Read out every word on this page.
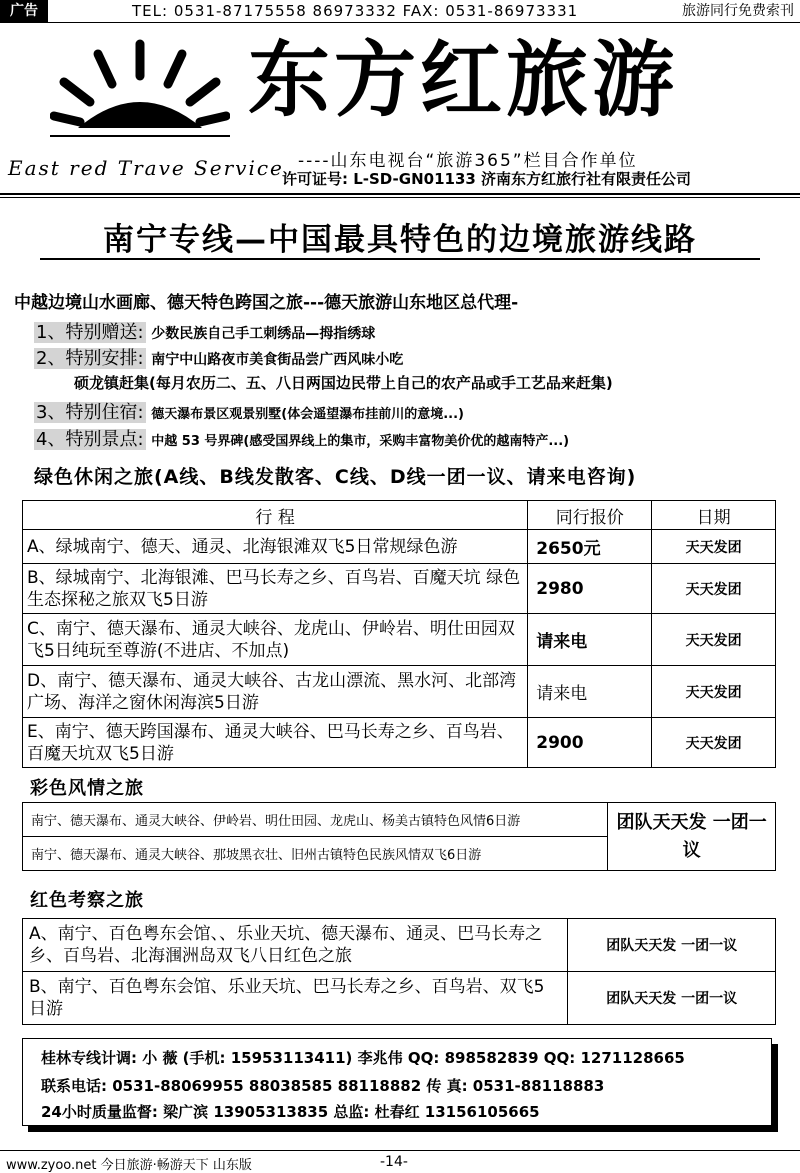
广告	TEL: 0531-87175558 86973332 FAX: 0531-86973331	旅游同行免费索刊
东方红旅游
East red Trave Service ----山东电视台“旅游365”栏目合作单位
许可证号: L-SD-GN01133 济南东方红旅行社有限责任公司
南宁专线—中国最具特色的边境旅游线路
中越边境山水画廊、德天特色跨国之旅---德天旅游山东地区总代理-
1、特别赠送: 少数民族自己手工刺绣品—拇指绣球
2、特别安排: 南宁中山路夜市美食街品尝广西风味小吃
硕龙镇赶集(每月农历二、五、八日两国边民带上自己的农产品或手工艺品来赶集)
3、特别住宿: 德天瀑布景区观景别墅(体会遥望瀑布挂前川的意境...)
4、特别景点: 中越 53 号界碑(感受国界线上的集市，采购丰富物美价优的越南特产...)
绿色休闲之旅(A线、B线发散客、C线、D线一团一议、请来电咨询)
行 程	同行报价	日期
A、绿城南宁、德天、通灵、北海银滩双飞5日常规绿色游	2650元	天天发团
B、绿城南宁、北海银滩、巴马长寿之乡、百鸟岩、百魔天坑 绿色生态探秘之旅双飞5日游	2980	天天发团
C、南宁、德天瀑布、通灵大峡谷、龙虎山、伊岭岩、明仕田园双飞5日纯玩至尊游(不进店、不加点)	请来电	天天发团
D、南宁、德天瀑布、通灵大峡谷、古龙山漂流、黑水河、北部湾广场、海洋之窗休闲海滨5日游	请来电	天天发团
E、南宁、德天跨国瀑布、通灵大峡谷、巴马长寿之乡、百鸟岩、百魔天坑双飞5日游	2900	天天发团
彩色风情之旅
南宁、德天瀑布、通灵大峡谷、伊岭岩、明仕田园、龙虎山、杨美古镇特色风情6日游	团队天天发 一团一议
南宁、德天瀑布、通灵大峡谷、那坡黑衣壮、旧州古镇特色民族风情双飞6日游
红色考察之旅
A、南宁、百色粤东会馆、、乐业天坑、德天瀑布、通灵、巴马长寿之乡、百鸟岩、北海涠洲岛双飞八日红色之旅	团队天天发 一团一议
B、南宁、百色粤东会馆、乐业天坑、巴马长寿之乡、百鸟岩、双飞5日游	团队天天发 一团一议
桂林专线计调: 小 薇 (手机: 15953113411) 李兆伟 QQ: 898582839 QQ: 1271128665
联系电话: 0531-88069955 88038585 88118882 传 真: 0531-88118883
24小时质量监督: 梁广滨 13905313835 总监: 杜春红 13156105665
www.zyoo.net 今日旅游·畅游天下 山东版	-14-
